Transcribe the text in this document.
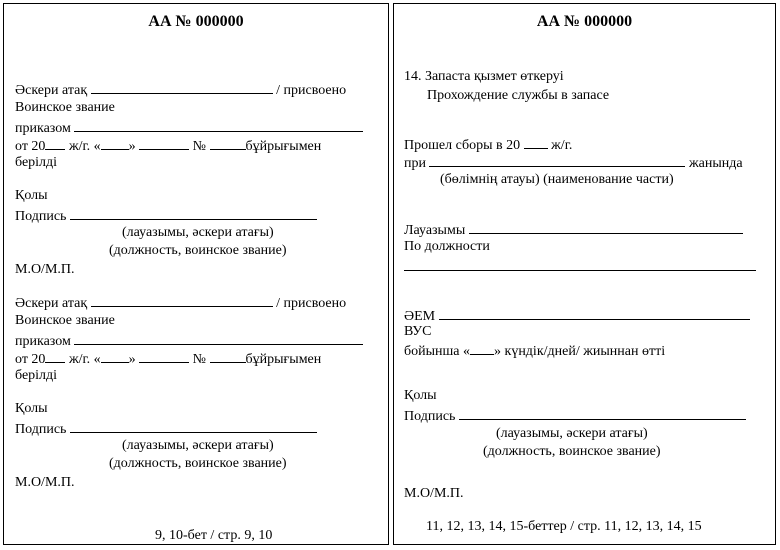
АА № 000000
Әскери атақ	/ присвоено
Воинское звание
приказом
от 20 ж/г. « »	№	бұйрығымен
берілді
Қолы
Подпись
(лауазымы, әскери атағы)
(должность, воинское звание)
М.О/М.П.
Әскери атақ	/ присвоено
Воинское звание
приказом
от 20 ж/г. « »	№	бұйрығымен
берілді
Қолы
Подпись
(лауазымы, әскери атағы)
(должность, воинское звание)
М.О/М.П.
9, 10-бет / стр. 9, 10
АА № 000000
14. Запаста қызмет өткеруі
Прохождение службы в запасе
Прошел сборы в 20 ж/г.
при	жанында
(бөлімнің атауы) (наименование части)
Лауазымы
По должности
ӘЕМ
ВУС
бойынша « » күндік/дней/ жиыннан өтті
Қолы
Подпись
(лауазымы, әскери атағы)
(должность, воинское звание)
М.О/М.П.
11, 12, 13, 14, 15-беттер / стр. 11, 12, 13, 14, 15
